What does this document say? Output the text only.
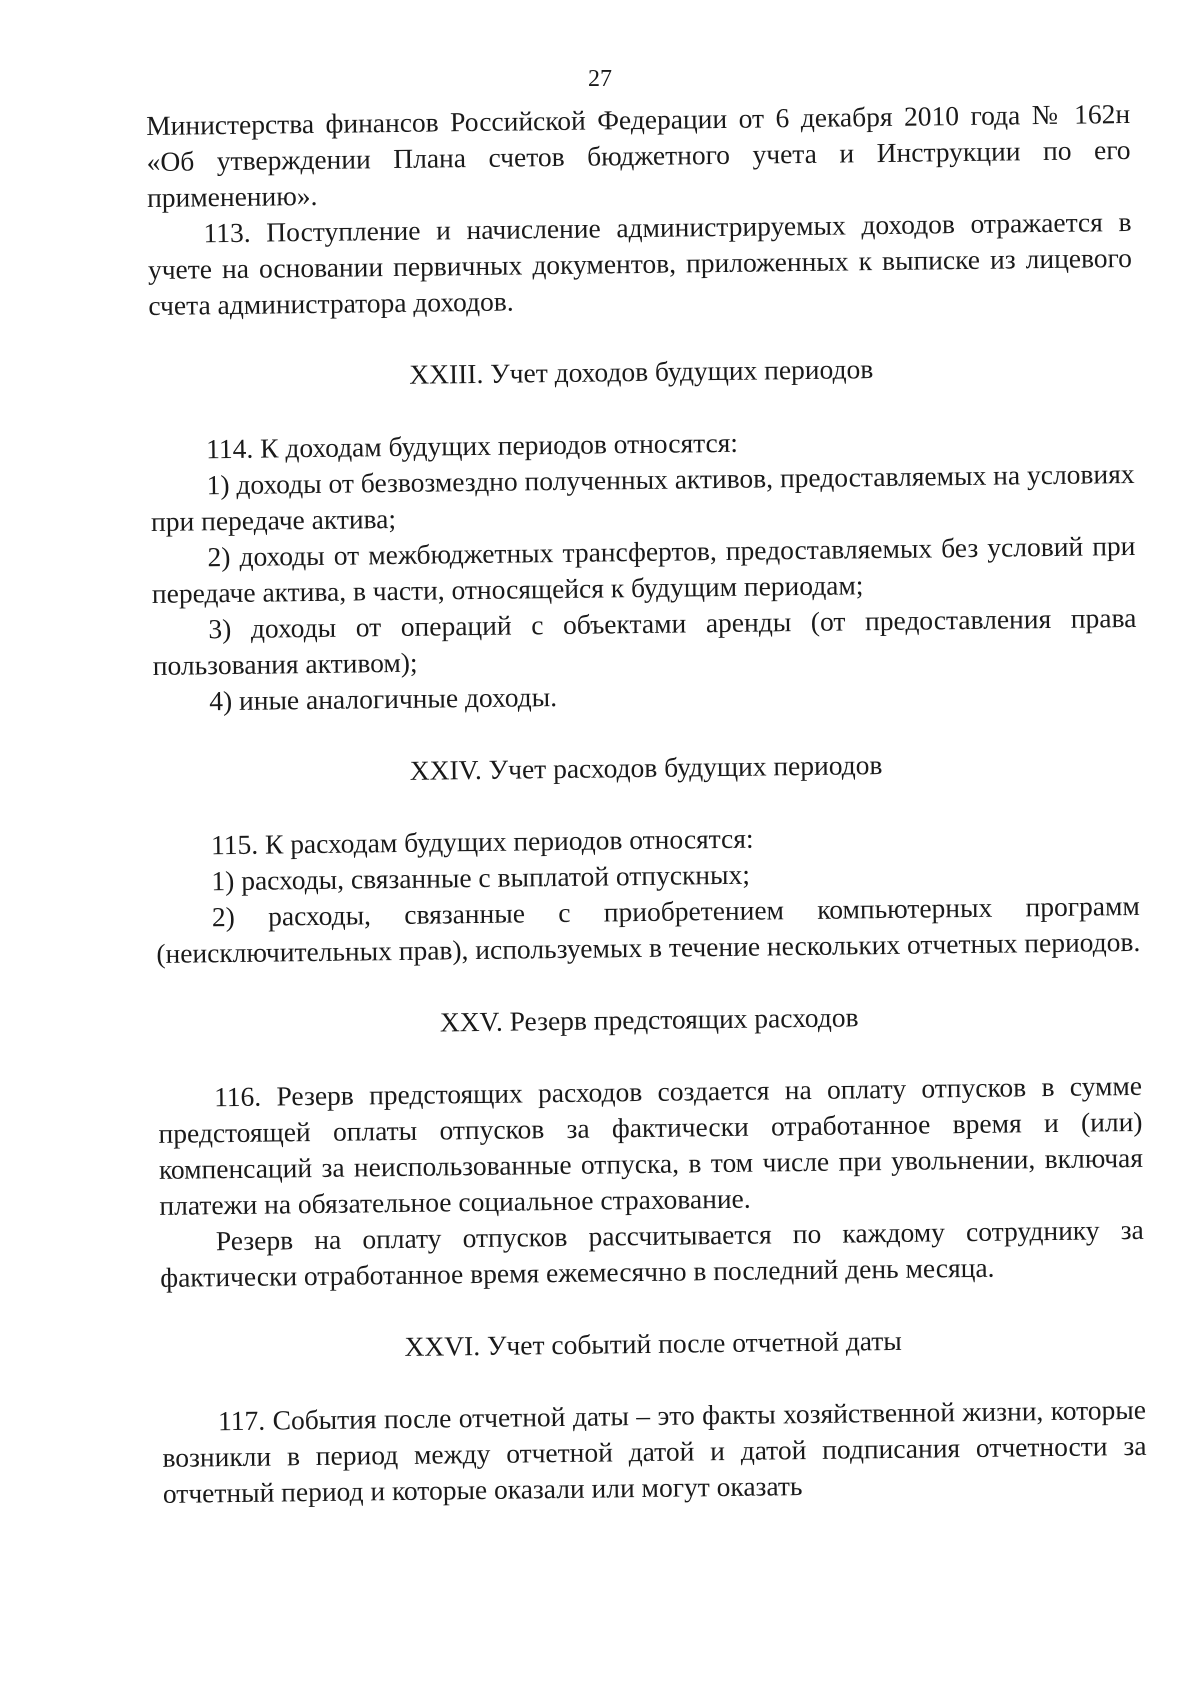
27

Министерства финансов Российской Федерации от 6 декабря 2010 года № 162н «Об утверждении Плана счетов бюджетного учета и Инструкции по его применению».

113. Поступление и начисление администрируемых доходов отражается в учете на основании первичных документов, приложенных к выписке из лицевого счета администратора доходов.

XXIII. Учет доходов будущих периодов

114. К доходам будущих периодов относятся:

1) доходы от безвозмездно полученных активов, предоставляемых на условиях при передаче актива;

2) доходы от межбюджетных трансфертов, предоставляемых без условий при передаче актива, в части, относящейся к будущим периодам;

3) доходы от операций с объектами аренды (от предоставления права пользования активом);

4) иные аналогичные доходы.

XXIV. Учет расходов будущих периодов

115. К расходам будущих периодов относятся:

1) расходы, связанные с выплатой отпускных;

2) расходы, связанные с приобретением компьютерных программ (неисключительных прав), используемых в течение нескольких отчетных периодов.

XXV. Резерв предстоящих расходов

116. Резерв предстоящих расходов создается на оплату отпусков в сумме предстоящей оплаты отпусков за фактически отработанное время и (или) компенсаций за неиспользованные отпуска, в том числе при увольнении, включая платежи на обязательное социальное страхование.

Резерв на оплату отпусков рассчитывается по каждому сотруднику за фактически отработанное время ежемесячно в последний день месяца.

XXVI. Учет событий после отчетной даты

117. События после отчетной даты – это факты хозяйственной жизни, которые возникли в период между отчетной датой и датой подписания отчетности за отчетный период и которые оказали или могут оказать
